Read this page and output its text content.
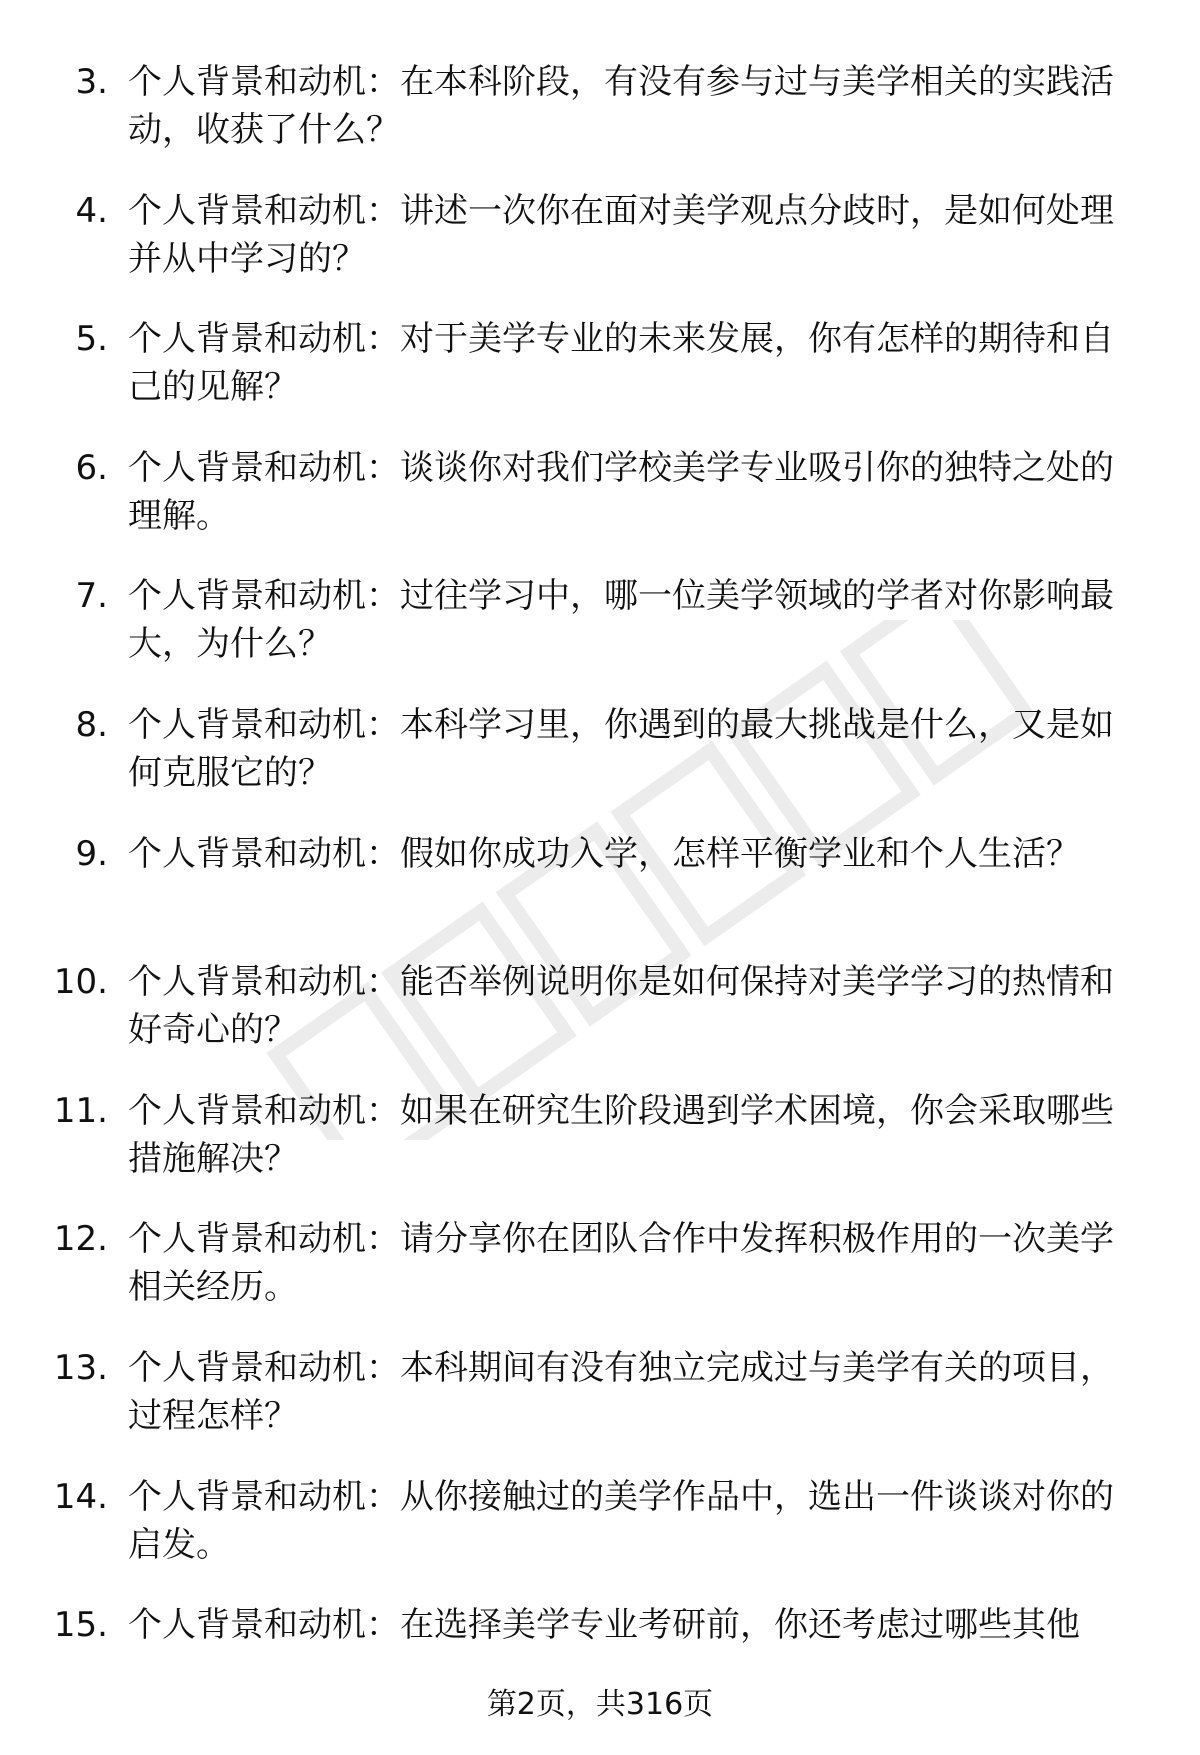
3. 个人背景和动机：在本科阶段，有没有参与过与美学相关的实践活动，收获了什么？
4. 个人背景和动机：讲述一次你在面对美学观点分歧时，是如何处理并从中学习的？
5. 个人背景和动机：对于美学专业的未来发展，你有怎样的期待和自己的见解？
6. 个人背景和动机：谈谈你对我们学校美学专业吸引你的独特之处的理解。
7. 个人背景和动机：过往学习中，哪一位美学领域的学者对你影响最大，为什么？
8. 个人背景和动机：本科学习里，你遇到的最大挑战是什么，又是如何克服它的？
9. 个人背景和动机：假如你成功入学，怎样平衡学业和个人生活？
10. 个人背景和动机：能否举例说明你是如何保持对美学学习的热情和好奇心的？
11. 个人背景和动机：如果在研究生阶段遇到学术困境，你会采取哪些措施解决？
12. 个人背景和动机：请分享你在团队合作中发挥积极作用的一次美学相关经历。
13. 个人背景和动机：本科期间有没有独立完成过与美学有关的项目，过程怎样？
14. 个人背景和动机：从你接触过的美学作品中，选出一件谈谈对你的启发。
15. 个人背景和动机：在选择美学专业考研前，你还考虑过哪些其他
第2页，共316页
